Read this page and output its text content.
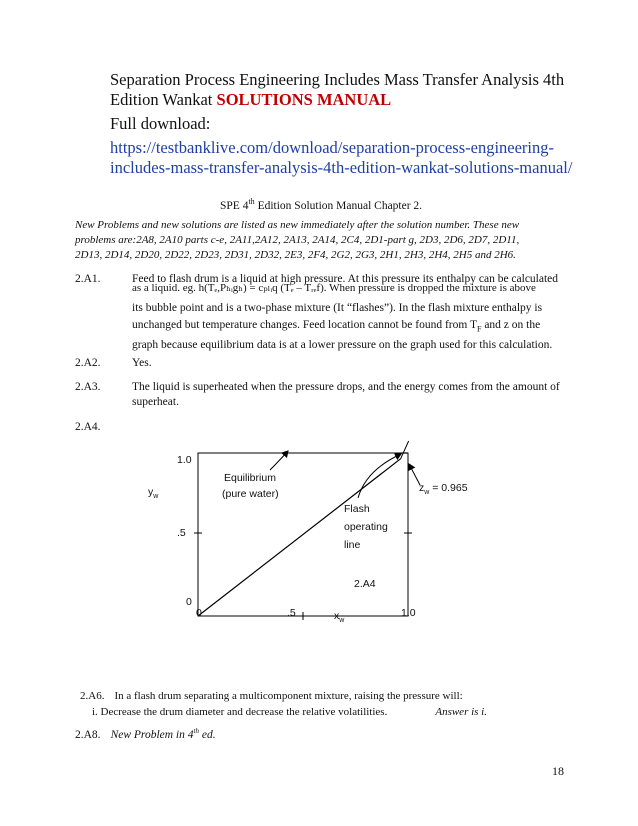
Separation Process Engineering Includes Mass Transfer Analysis 4th
Edition Wankat SOLUTIONS MANUAL
Full download:
https://testbanklive.com/download/separation-process-engineering-
includes-mass-transfer-analysis-4th-edition-wankat-solutions-manual/
SPE 4th Edition Solution Manual Chapter 2.
New Problems and new solutions are listed as new immediately after the solution number. These new
problems are:2A8, 2A10 parts c-e, 2A11,2A12, 2A13, 2A14, 2C4, 2D1-part g, 2D3, 2D6, 2D7, 2D11,
2D13, 2D14, 2D20, 2D22, 2D23, 2D31, 2D32, 2E3, 2F4, 2G2, 2G3, 2H1, 2H3, 2H4, 2H5 and 2H6.
2.A1.	Feed to flash drum is a liquid at high pressure. At this pressure its enthalpy can be calculated
as a liquid. eg. h(Tₑ,Pₕᵢgₕ) = cₚₗᵢq (Tₑ – Tᵣₑf). When pressure is dropped the mixture is above
its bubble point and is a two-phase mixture (It “flashes”). In the flash mixture enthalpy is
unchanged but temperature changes. Feed location cannot be found from $T_F$ and z on the
graph because equilibrium data is at a lower pressure on the graph used for this calculation.
2.A2.	Yes.
2.A3.	The liquid is superheated when the pressure drops, and the energy comes from the amount of
superheat.
2.A4.
1.0
.5
0
0	.5	1.0
$y_w$
$x_w$
Equilibrium
(pure water)
Flash
operating
line
$z_w = 0.965$
2.A4
2.A6. In a flash drum separating a multicomponent mixture, raising the pressure will:
i. Decrease the drum diameter and decrease the relative volatilities.	Answer is i.
2.A8. New Problem in 4th ed.
18
